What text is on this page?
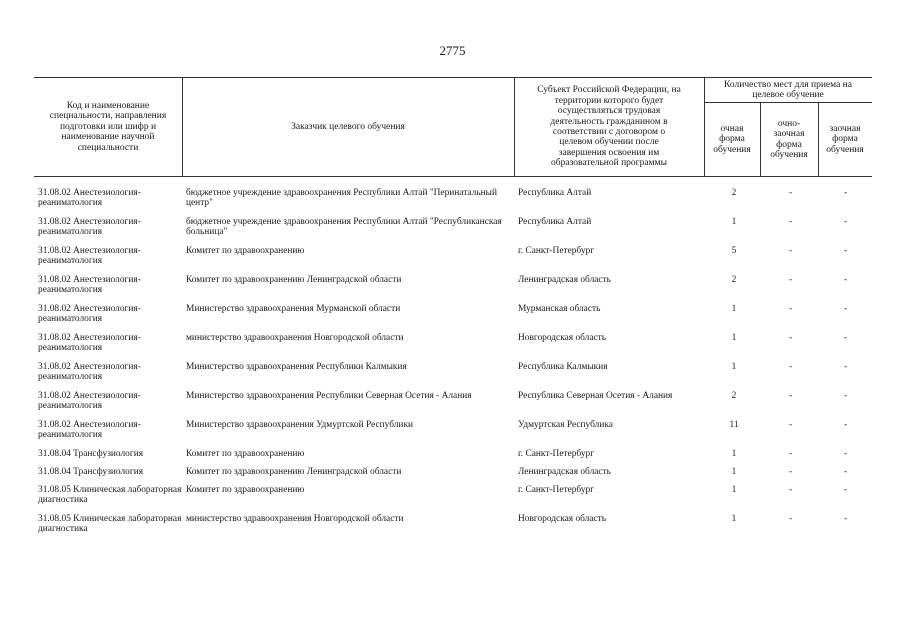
2775
Код и наименование специальности, направления подготовки или шифр и наименование научной специальности
Заказчик целевого обучения
Субъект Российской Федерации, на территории которого будет осуществляться трудовая деятельность гражданином в соответствии с договором о целевом обучении после завершения освоения им образовательной программы
Количество мест для приема на целевое обучение
очная форма обучения
очно-заочная форма обучения
заочная форма обучения
31.08.02 Анестезиология-реаниматология	бюджетное учреждение здравоохранения Республики Алтай "Перинатальный центр"	Республика Алтай	2	-	-
31.08.02 Анестезиология-реаниматология	бюджетное учреждение здравоохранения Республики Алтай "Республиканская больница"	Республика Алтай	1	-	-
31.08.02 Анестезиология-реаниматология	Комитет по здравоохранению	г. Санкт-Петербург	5	-	-
31.08.02 Анестезиология-реаниматология	Комитет по здравоохранению Ленинградской области	Ленинградская область	2	-	-
31.08.02 Анестезиология-реаниматология	Министерство здравоохранения Мурманской области	Мурманская область	1	-	-
31.08.02 Анестезиология-реаниматология	министерство здравоохранения Новгородской области	Новгородская область	1	-	-
31.08.02 Анестезиология-реаниматология	Министерство здравоохранения Республики Калмыкия	Республика Калмыкия	1	-	-
31.08.02 Анестезиология-реаниматология	Министерство здравоохранения Республики Северная Осетия - Алания	Республика Северная Осетия - Алания	2	-	-
31.08.02 Анестезиология-реаниматология	Министерство здравоохранения Удмуртской Республики	Удмуртская Республика	11	-	-
31.08.04 Трансфузиология	Комитет по здравоохранению	г. Санкт-Петербург	1	-	-
31.08.04 Трансфузиология	Комитет по здравоохранению Ленинградской области	Ленинградская область	1	-	-
31.08.05 Клиническая лабораторная диагностика	Комитет по здравоохранению	г. Санкт-Петербург	1	-	-
31.08.05 Клиническая лабораторная диагностика	министерство здравоохранения Новгородской области	Новгородская область	1	-	-
